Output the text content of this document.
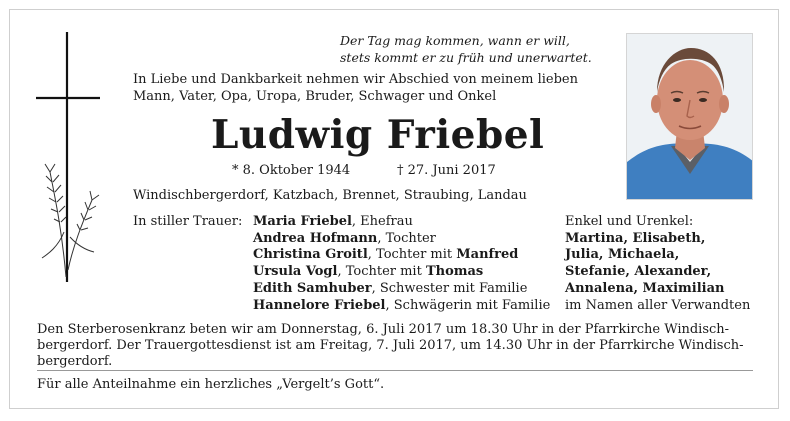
Der Tag mag kommen, wann er will,
stets kommt er zu früh und unerwartet.
In Liebe und Dankbarkeit nehmen wir Abschied von meinem lieben
Mann, Vater, Opa, Uropa, Bruder, Schwager und Onkel
Ludwig Friebel
* 8. Oktober 1944	† 27. Juni 2017
Windischbergerdorf, Katzbach, Brennet, Straubing, Landau
In stiller Trauer: Maria Friebel, Ehefrau
Andrea Hofmann, Tochter
Christina Groitl, Tochter mit Manfred
Ursula Vogl, Tochter mit Thomas
Edith Samhuber, Schwester mit Familie
Hannelore Friebel, Schwägerin mit Familie
Enkel und Urenkel:
Martina, Elisabeth,
Julia, Michaela,
Stefanie, Alexander,
Annalena, Maximilian
im Namen aller Verwandten
Den Sterberosenkranz beten wir am Donnerstag, 6. Juli 2017 um 18.30 Uhr in der Pfarrkirche Windisch-bergerdorf. Der Trauergottesdienst ist am Freitag, 7. Juli 2017, um 14.30 Uhr in der Pfarrkirche Windisch-bergerdorf.
Für alle Anteilnahme ein herzliches „Vergelt’s Gott“.
